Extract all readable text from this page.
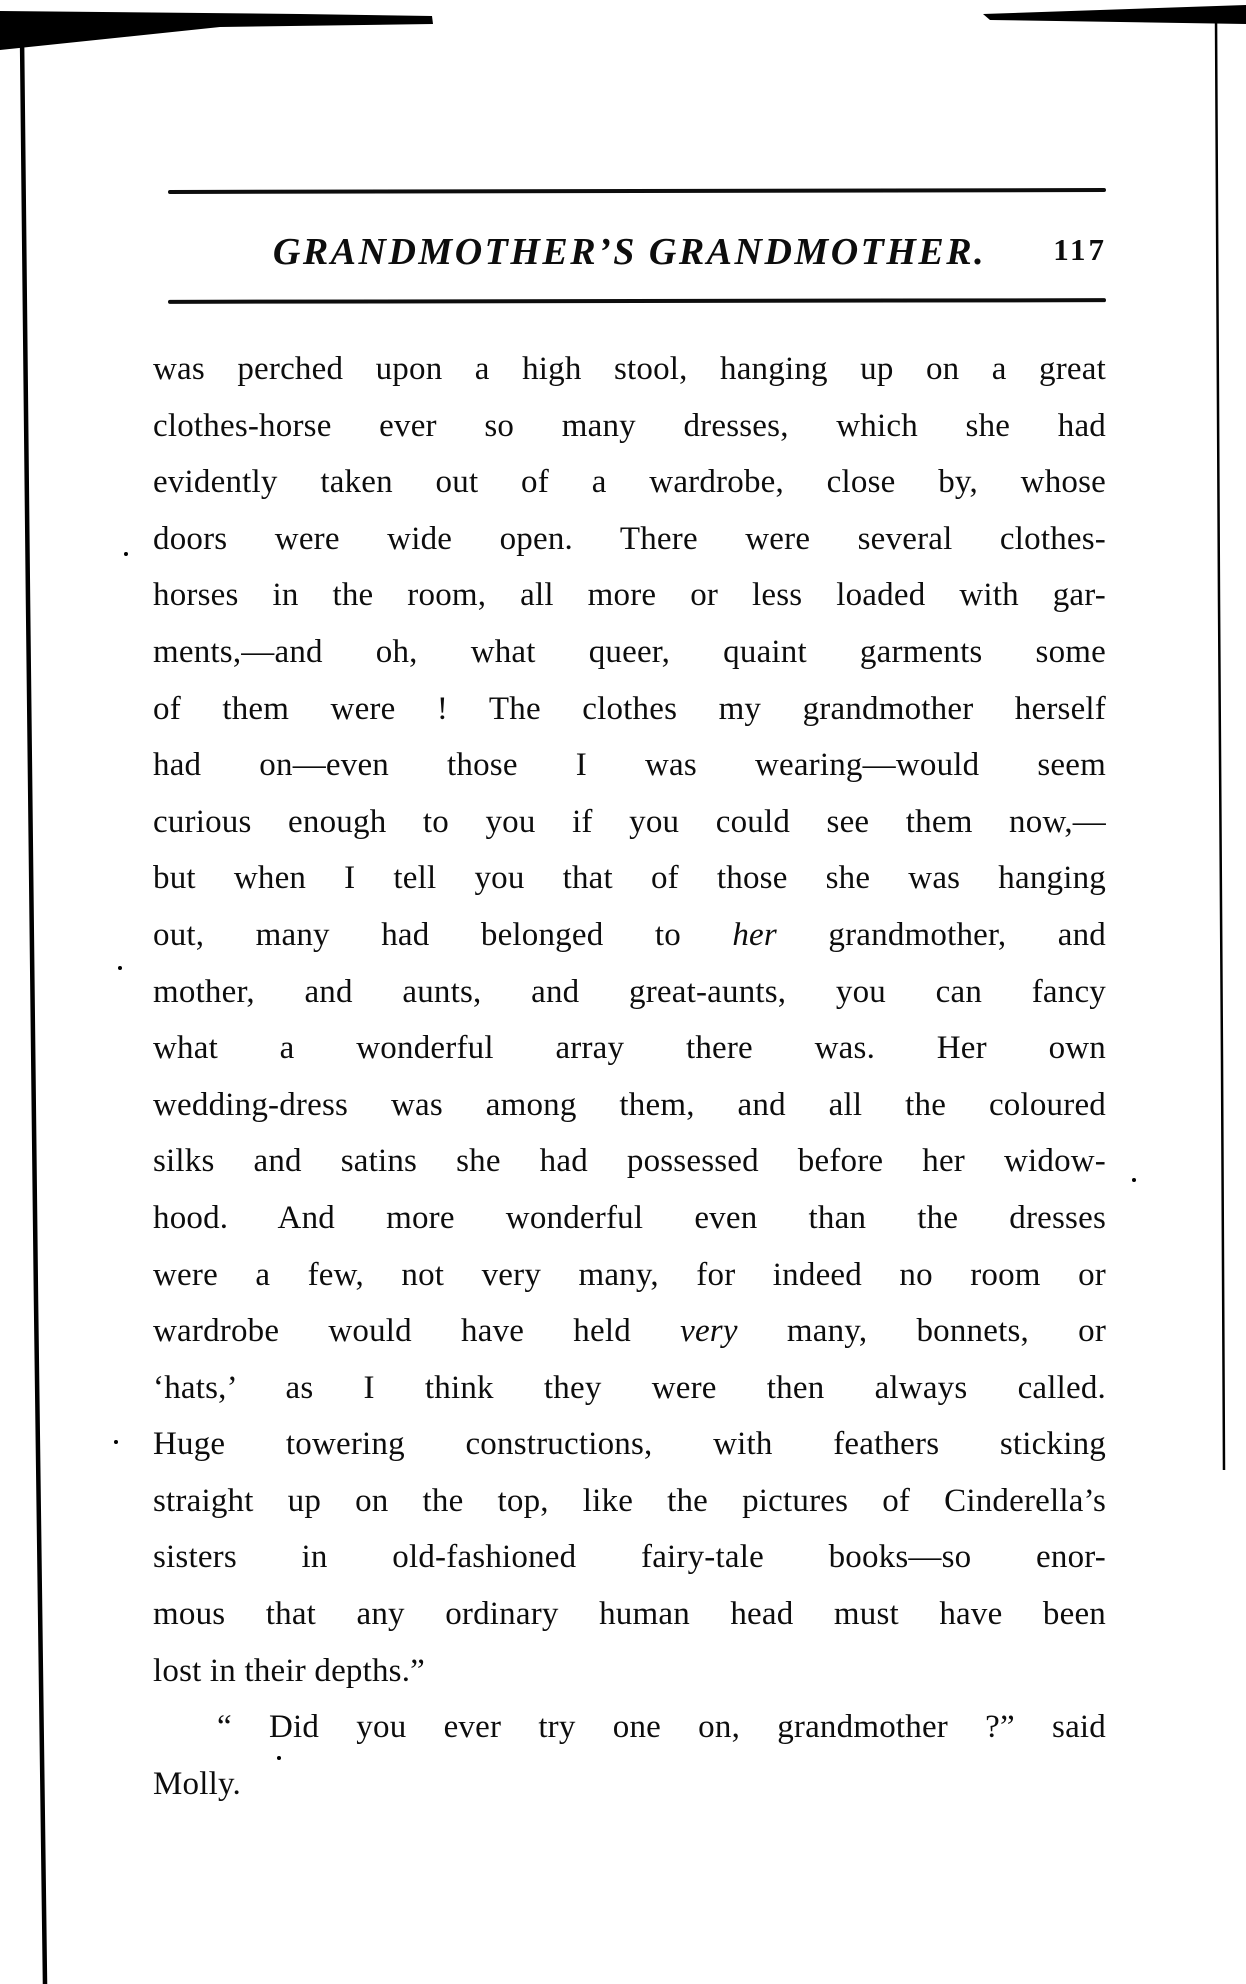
GRANDMOTHER’S GRANDMOTHER.	117
was perched upon a high stool, hanging up on a great
clothes-horse ever so many dresses, which she had
evidently taken out of a wardrobe, close by, whose
doors were wide open. There were several clothes-
horses in the room, all more or less loaded with gar-
ments,—and oh, what queer, quaint garments some
of them were ! The clothes my grandmother herself
had on—even those I was wearing—would seem
curious enough to you if you could see them now,—
but when I tell you that of those she was hanging
out, many had belonged to her grandmother, and
mother, and aunts, and great-aunts, you can fancy
what a wonderful array there was. Her own
wedding-dress was among them, and all the coloured
silks and satins she had possessed before her widow-
hood. And more wonderful even than the dresses
were a few, not very many, for indeed no room or
wardrobe would have held very many, bonnets, or
‘hats,’ as I think they were then always called.
Huge towering constructions, with feathers sticking
straight up on the top, like the pictures of Cinderella’s
sisters in old-fashioned fairy-tale books—so enor-
mous that any ordinary human head must have been
lost in their depths.”
“ Did you ever try one on, grandmother ?” said
Molly.
